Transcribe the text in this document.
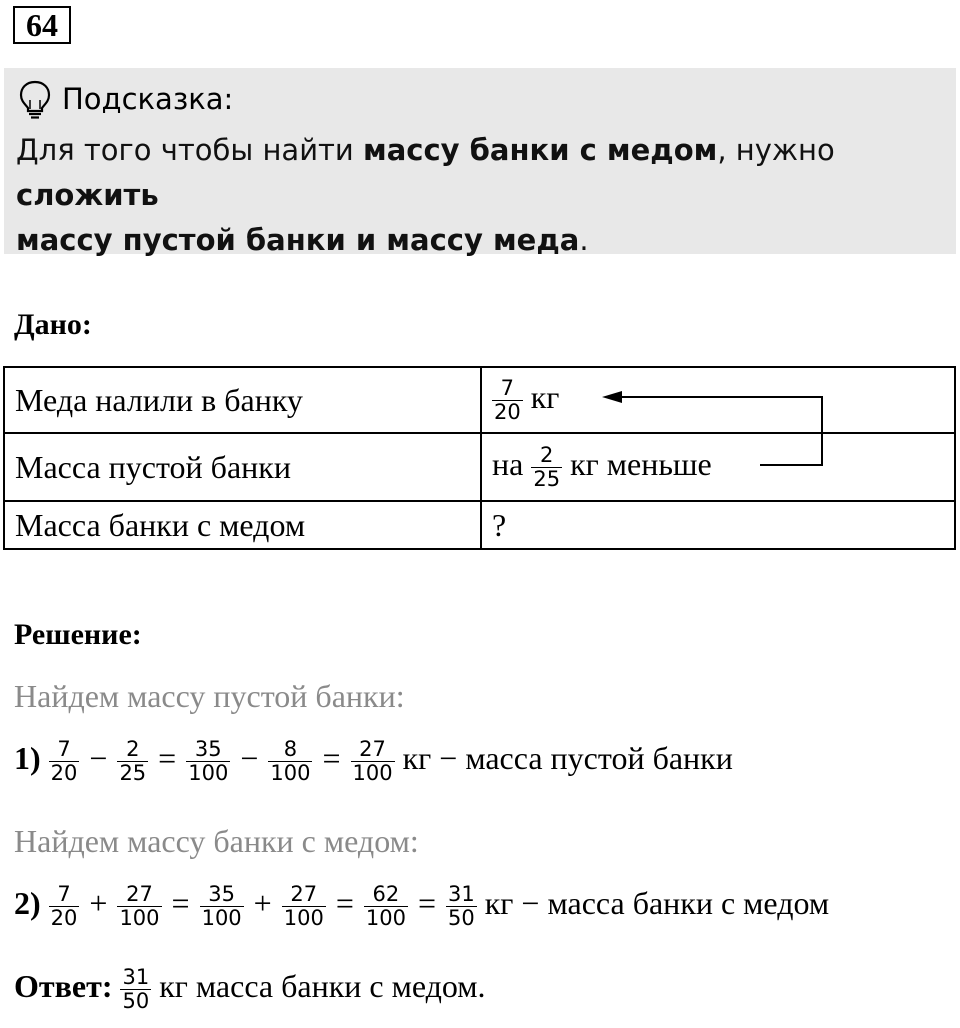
64
Подсказка:
Для того чтобы найти массу банки с медом, нужно сложить
массу пустой банки и массу меда.
Дано:
Меда налили в банку	$\frac{7}{20}$ кг
Масса пустой банки	на $\frac{2}{25}$ кг меньше
Масса банки с медом	?
Решение:
Найдем массу пустой банки:
$1) \frac{7}{20} - \frac{2}{25} = \frac{35}{100} - \frac{8}{100} = \frac{27}{100}$ кг − масса пустой банки
Найдем массу банки с медом:
$2) \frac{7}{20} + \frac{27}{100} = \frac{35}{100} + \frac{27}{100} = \frac{62}{100} = \frac{31}{50}$ кг − масса банки с медом
Ответ: $\frac{31}{50}$ кг масса банки с медом.
